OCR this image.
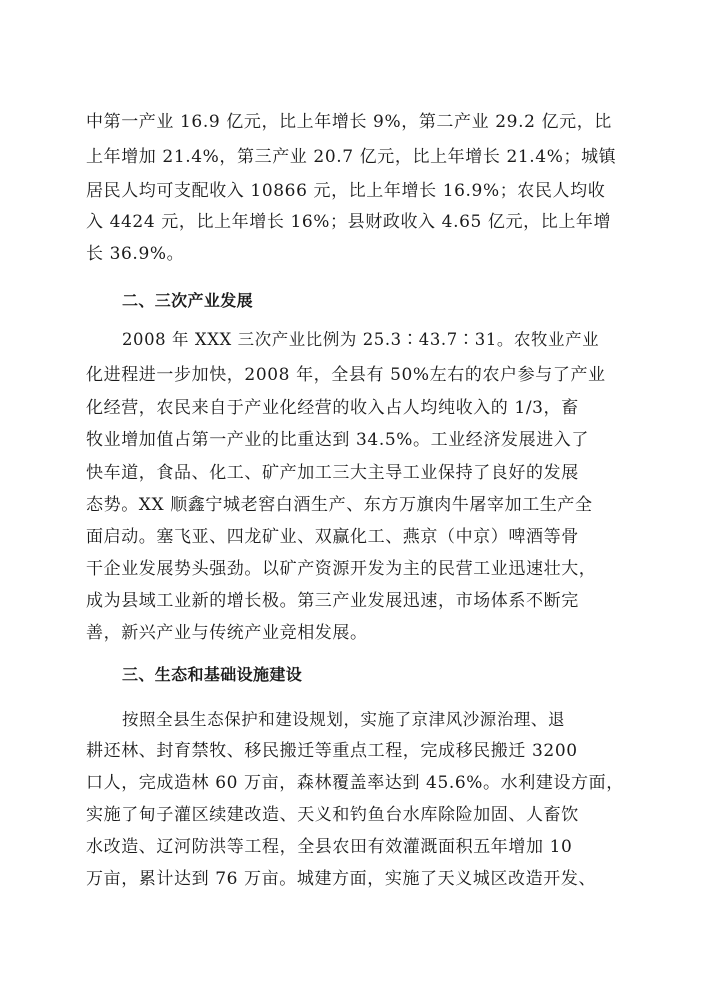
中第一产业 16.9 亿元，比上年增长 9%，第二产业 29.2 亿元，比
上年增加 21.4%，第三产业 20.7 亿元，比上年增长 21.4%；城镇
居民人均可支配收入 10866 元，比上年增长 16.9%；农民人均收
入 4424 元，比上年增长 16%；县财政收入 4.65 亿元，比上年增
长 36.9%。
二、三次产业发展
2008 年 XXX 三次产业比例为 25.3∶43.7∶31。农牧业产业
化进程进一步加快，2008 年，全县有 50%左右的农户参与了产业
化经营，农民来自于产业化经营的收入占人均纯收入的 1/3，畜
牧业增加值占第一产业的比重达到 34.5%。工业经济发展进入了
快车道，食品、化工、矿产加工三大主导工业保持了良好的发展
态势。XX 顺鑫宁城老窖白酒生产、东方万旗肉牛屠宰加工生产全
面启动。塞飞亚、四龙矿业、双赢化工、燕京（中京）啤酒等骨
干企业发展势头强劲。以矿产资源开发为主的民营工业迅速壮大，
成为县域工业新的增长极。第三产业发展迅速，市场体系不断完
善，新兴产业与传统产业竞相发展。
三、生态和基础设施建设
按照全县生态保护和建设规划，实施了京津风沙源治理、退
耕还林、封育禁牧、移民搬迁等重点工程，完成移民搬迁 3200
口人，完成造林 60 万亩，森林覆盖率达到 45.6%。水利建设方面，
实施了甸子灌区续建改造、天义和钓鱼台水库除险加固、人畜饮
水改造、辽河防洪等工程，全县农田有效灌溉面积五年增加 10
万亩，累计达到 76 万亩。城建方面，实施了天义城区改造开发、
